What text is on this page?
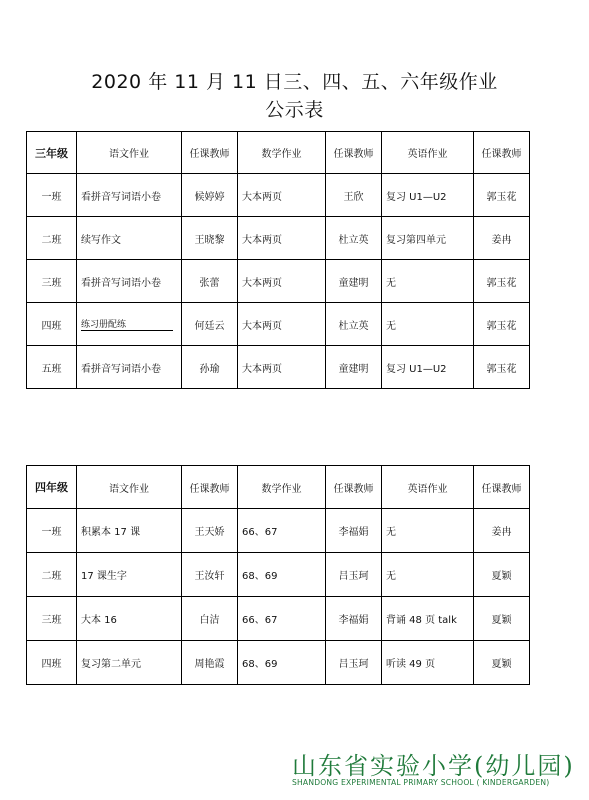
2020 年 11 月 11 日三、四、五、六年级作业
公示表
三年级	语文作业	任课教师	数学作业	任课教师	英语作业	任课教师
一班	看拼音写词语小卷	候婷婷	大本两页	王欣	复习 U1—U2	郭玉花
二班	续写作文	王晓黎	大本两页	杜立英	复习第四单元	姜冉
三班	看拼音写词语小卷	张蕾	大本两页	童建明	无	郭玉花
四班	练习册配练	何廷云	大本两页	杜立英	无	郭玉花
五班	看拼音写词语小卷	孙瑜	大本两页	童建明	复习 U1—U2	郭玉花
四年级	语文作业	任课教师	数学作业	任课教师	英语作业	任课教师
一班	积累本 17 课	王天娇	66、67	李福娟	无	姜冉
二班	17 课生字	王汝轩	68、69	吕玉珂	无	夏颖
三班	大本 16	白洁	66、67	李福娟	背诵 48 页 talk	夏颖
四班	复习第二单元	周艳霞	68、69	吕玉珂	听读 49 页	夏颖
山东省实验小学(幼儿园)
SHANDONG EXPERIMENTAL PRIMARY SCHOOL ( KINDERGARDEN)
